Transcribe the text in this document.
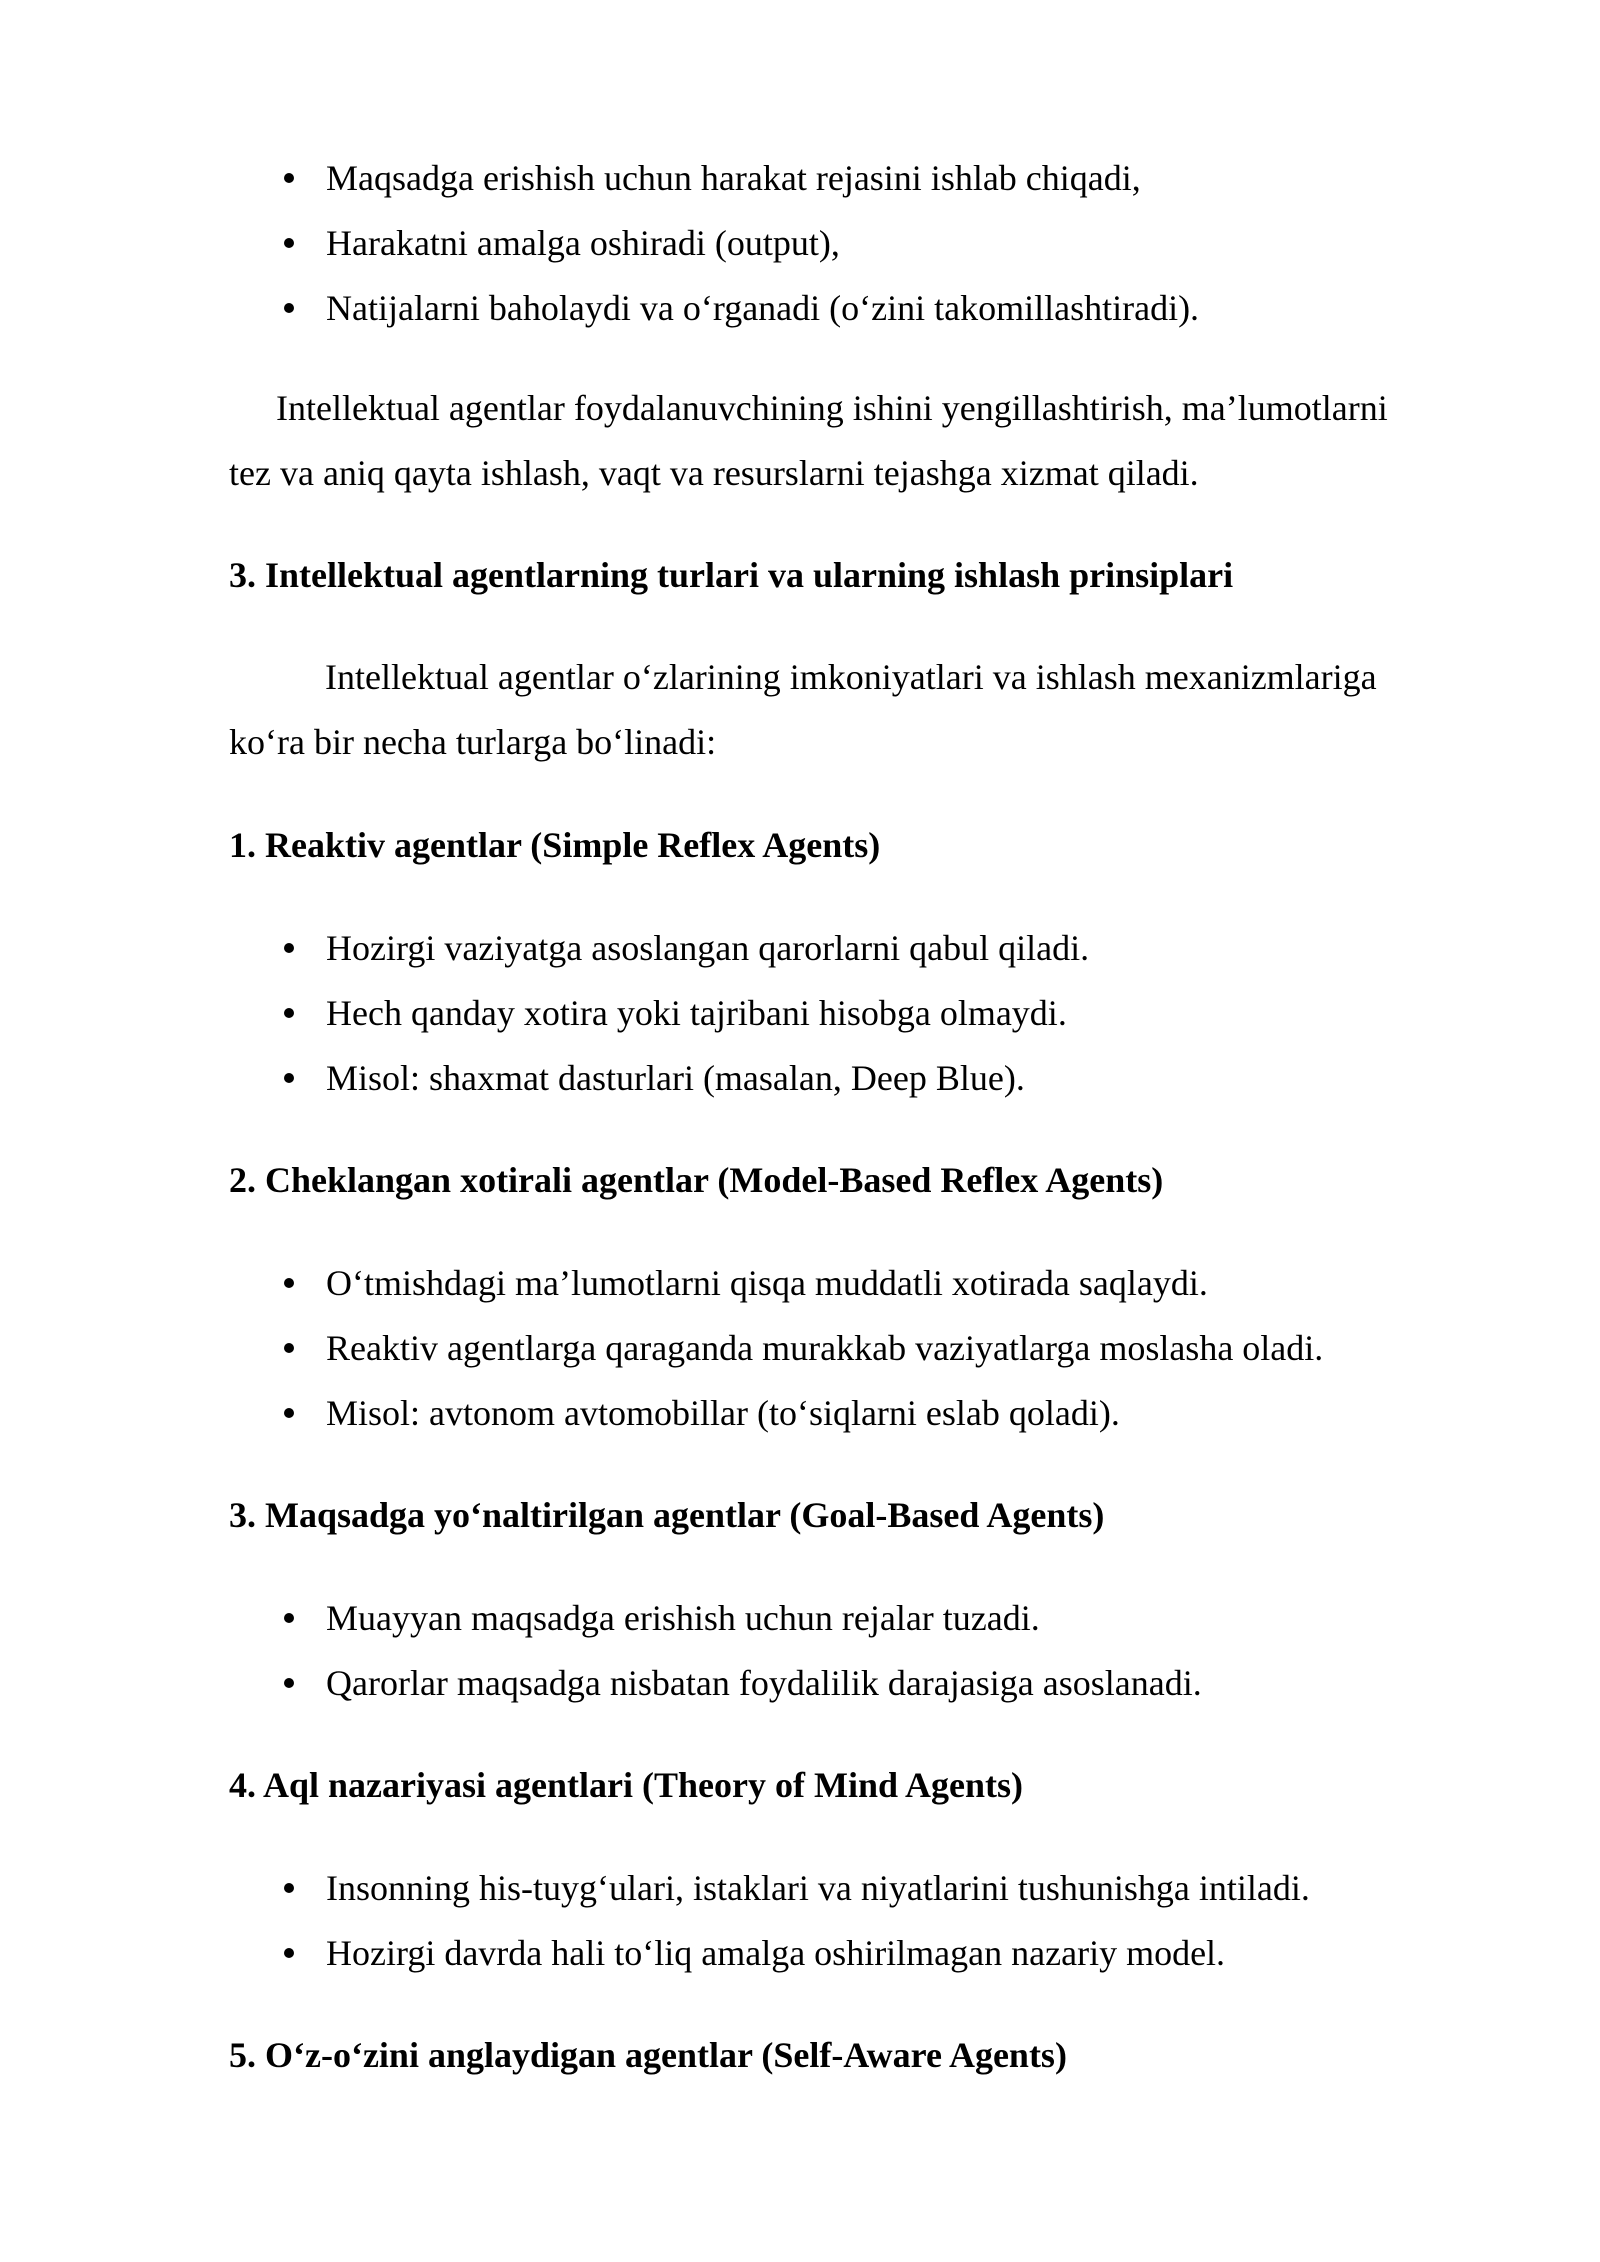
Maqsadga erishish uchun harakat rejasini ishlab chiqadi,
Harakatni amalga oshiradi (output),
Natijalarni baholaydi va o‘rganadi (o‘zini takomillashtiradi).
Intellektual agentlar foydalanuvchining ishini yengillashtirish, ma’lumotlarni
tez va aniq qayta ishlash, vaqt va resurslarni tejashga xizmat qiladi.
3. Intellektual agentlarning turlari va ularning ishlash prinsiplari
Intellektual agentlar o‘zlarining imkoniyatlari va ishlash mexanizmlariga
ko‘ra bir necha turlarga bo‘linadi:
1. Reaktiv agentlar (Simple Reflex Agents)
Hozirgi vaziyatga asoslangan qarorlarni qabul qiladi.
Hech qanday xotira yoki tajribani hisobga olmaydi.
Misol: shaxmat dasturlari (masalan, Deep Blue).
2. Cheklangan xotirali agentlar (Model-Based Reflex Agents)
O‘tmishdagi ma’lumotlarni qisqa muddatli xotirada saqlaydi.
Reaktiv agentlarga qaraganda murakkab vaziyatlarga moslasha oladi.
Misol: avtonom avtomobillar (to‘siqlarni eslab qoladi).
3. Maqsadga yo‘naltirilgan agentlar (Goal-Based Agents)
Muayyan maqsadga erishish uchun rejalar tuzadi.
Qarorlar maqsadga nisbatan foydalilik darajasiga asoslanadi.
4. Aql nazariyasi agentlari (Theory of Mind Agents)
Insonning his-tuyg‘ulari, istaklari va niyatlarini tushunishga intiladi.
Hozirgi davrda hali to‘liq amalga oshirilmagan nazariy model.
5. O‘z-o‘zini anglaydigan agentlar (Self-Aware Agents)
